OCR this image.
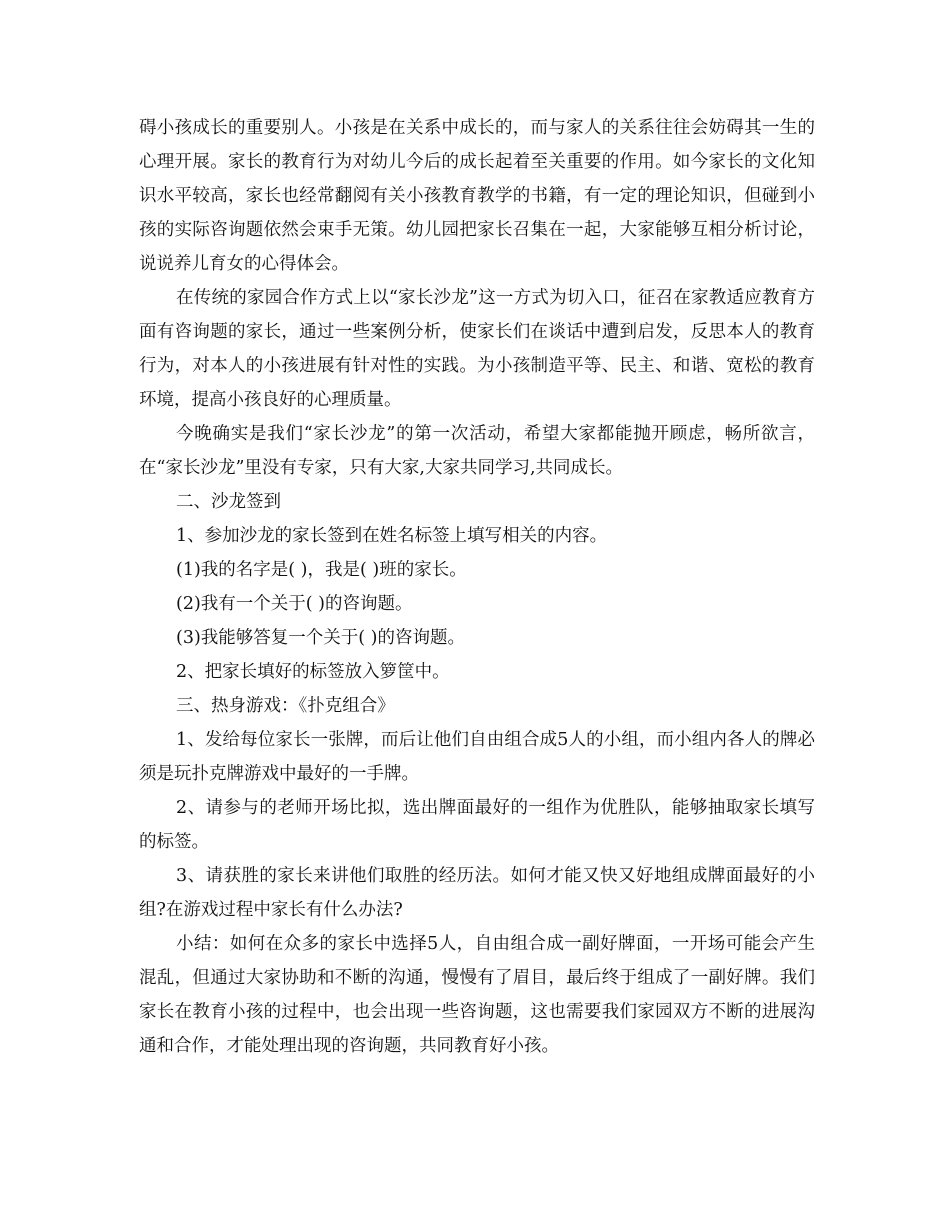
碍小孩成长的重要别人。小孩是在关系中成长的，而与家人的关系往往会妨碍其一生的心理开展。家长的教育行为对幼儿今后的成长起着至关重要的作用。如今家长的文化知识水平较高，家长也经常翻阅有关小孩教育教学的书籍，有一定的理论知识，但碰到小孩的实际咨询题依然会束手无策。幼儿园把家长召集在一起，大家能够互相分析讨论，说说养儿育女的心得体会。

在传统的家园合作方式上以“家长沙龙”这一方式为切入口，征召在家教适应教育方面有咨询题的家长，通过一些案例分析，使家长们在谈话中遭到启发，反思本人的教育行为，对本人的小孩进展有针对性的实践。为小孩制造平等、民主、和谐、宽松的教育环境，提高小孩良好的心理质量。

今晚确实是我们“家长沙龙”的第一次活动，希望大家都能抛开顾虑，畅所欲言，在“家长沙龙”里没有专家，只有大家,大家共同学习,共同成长。

二、沙龙签到

1、参加沙龙的家长签到在姓名标签上填写相关的内容。

(1)我的名字是( )，我是( )班的家长。

(2)我有一个关于( )的咨询题。

(3)我能够答复一个关于( )的咨询题。

2、把家长填好的标签放入箩筐中。

三、热身游戏：《扑克组合》

1、发给每位家长一张牌，而后让他们自由组合成5人的小组，而小组内各人的牌必须是玩扑克牌游戏中最好的一手牌。

2、请参与的老师开场比拟，选出牌面最好的一组作为优胜队，能够抽取家长填写的标签。

3、请获胜的家长来讲他们取胜的经历法。如何才能又快又好地组成牌面最好的小组?在游戏过程中家长有什么办法?

小结：如何在众多的家长中选择5人，自由组合成一副好牌面，一开场可能会产生混乱，但通过大家协助和不断的沟通，慢慢有了眉目，最后终于组成了一副好牌。我们家长在教育小孩的过程中，也会出现一些咨询题，这也需要我们家园双方不断的进展沟通和合作，才能处理出现的咨询题，共同教育好小孩。
